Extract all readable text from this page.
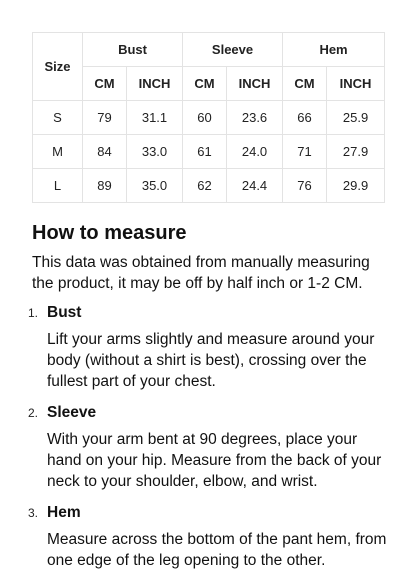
Size	Bust		Sleeve		Hem	
	CM	INCH	CM	INCH	CM	INCH
S	79	31.1	60	23.6	66	25.9
M	84	33.0	61	24.0	71	27.9
L	89	35.0	62	24.4	76	29.9
How to measure

This data was obtained from manually measuring the product, it may be off by half inch or 1-2 CM.

1. Bust
Lift your arms slightly and measure around your body (without a shirt is best), crossing over the fullest part of your chest.
2. Sleeve
With your arm bent at 90 degrees, place your hand on your hip. Measure from the back of your neck to your shoulder, elbow, and wrist.
3. Hem
Measure across the bottom of the pant hem, from one edge of the leg opening to the other.
